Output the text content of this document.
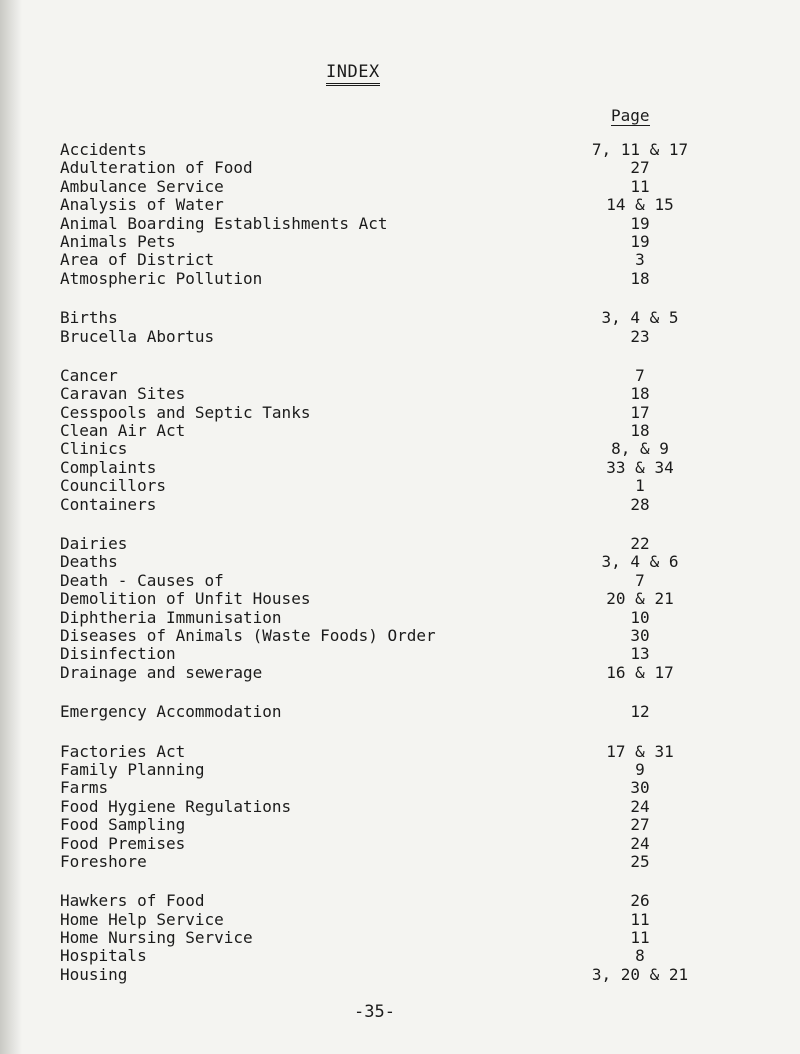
INDEX
Page
Accidents	7, 11 & 17
Adulteration of Food	27
Ambulance Service	11
Analysis of Water	14 & 15
Animal Boarding Establishments Act	19
Animals Pets	19
Area of District	3
Atmospheric Pollution	18
Births	3, 4 & 5
Brucella Abortus	23
Cancer	7
Caravan Sites	18
Cesspools and Septic Tanks	17
Clean Air Act	18
Clinics	8, & 9
Complaints	33 & 34
Councillors	1
Containers	28
Dairies	22
Deaths	3, 4 & 6
Death - Causes of	7
Demolition of Unfit Houses	20 & 21
Diphtheria Immunisation	10
Diseases of Animals (Waste Foods) Order	30
Disinfection	13
Drainage and sewerage	16 & 17
Emergency Accommodation	12
Factories Act	17 & 31
Family Planning	9
Farms	30
Food Hygiene Regulations	24
Food Sampling	27
Food Premises	24
Foreshore	25
Hawkers of Food	26
Home Help Service	11
Home Nursing Service	11
Hospitals	8
Housing	3, 20 & 21
-35-
